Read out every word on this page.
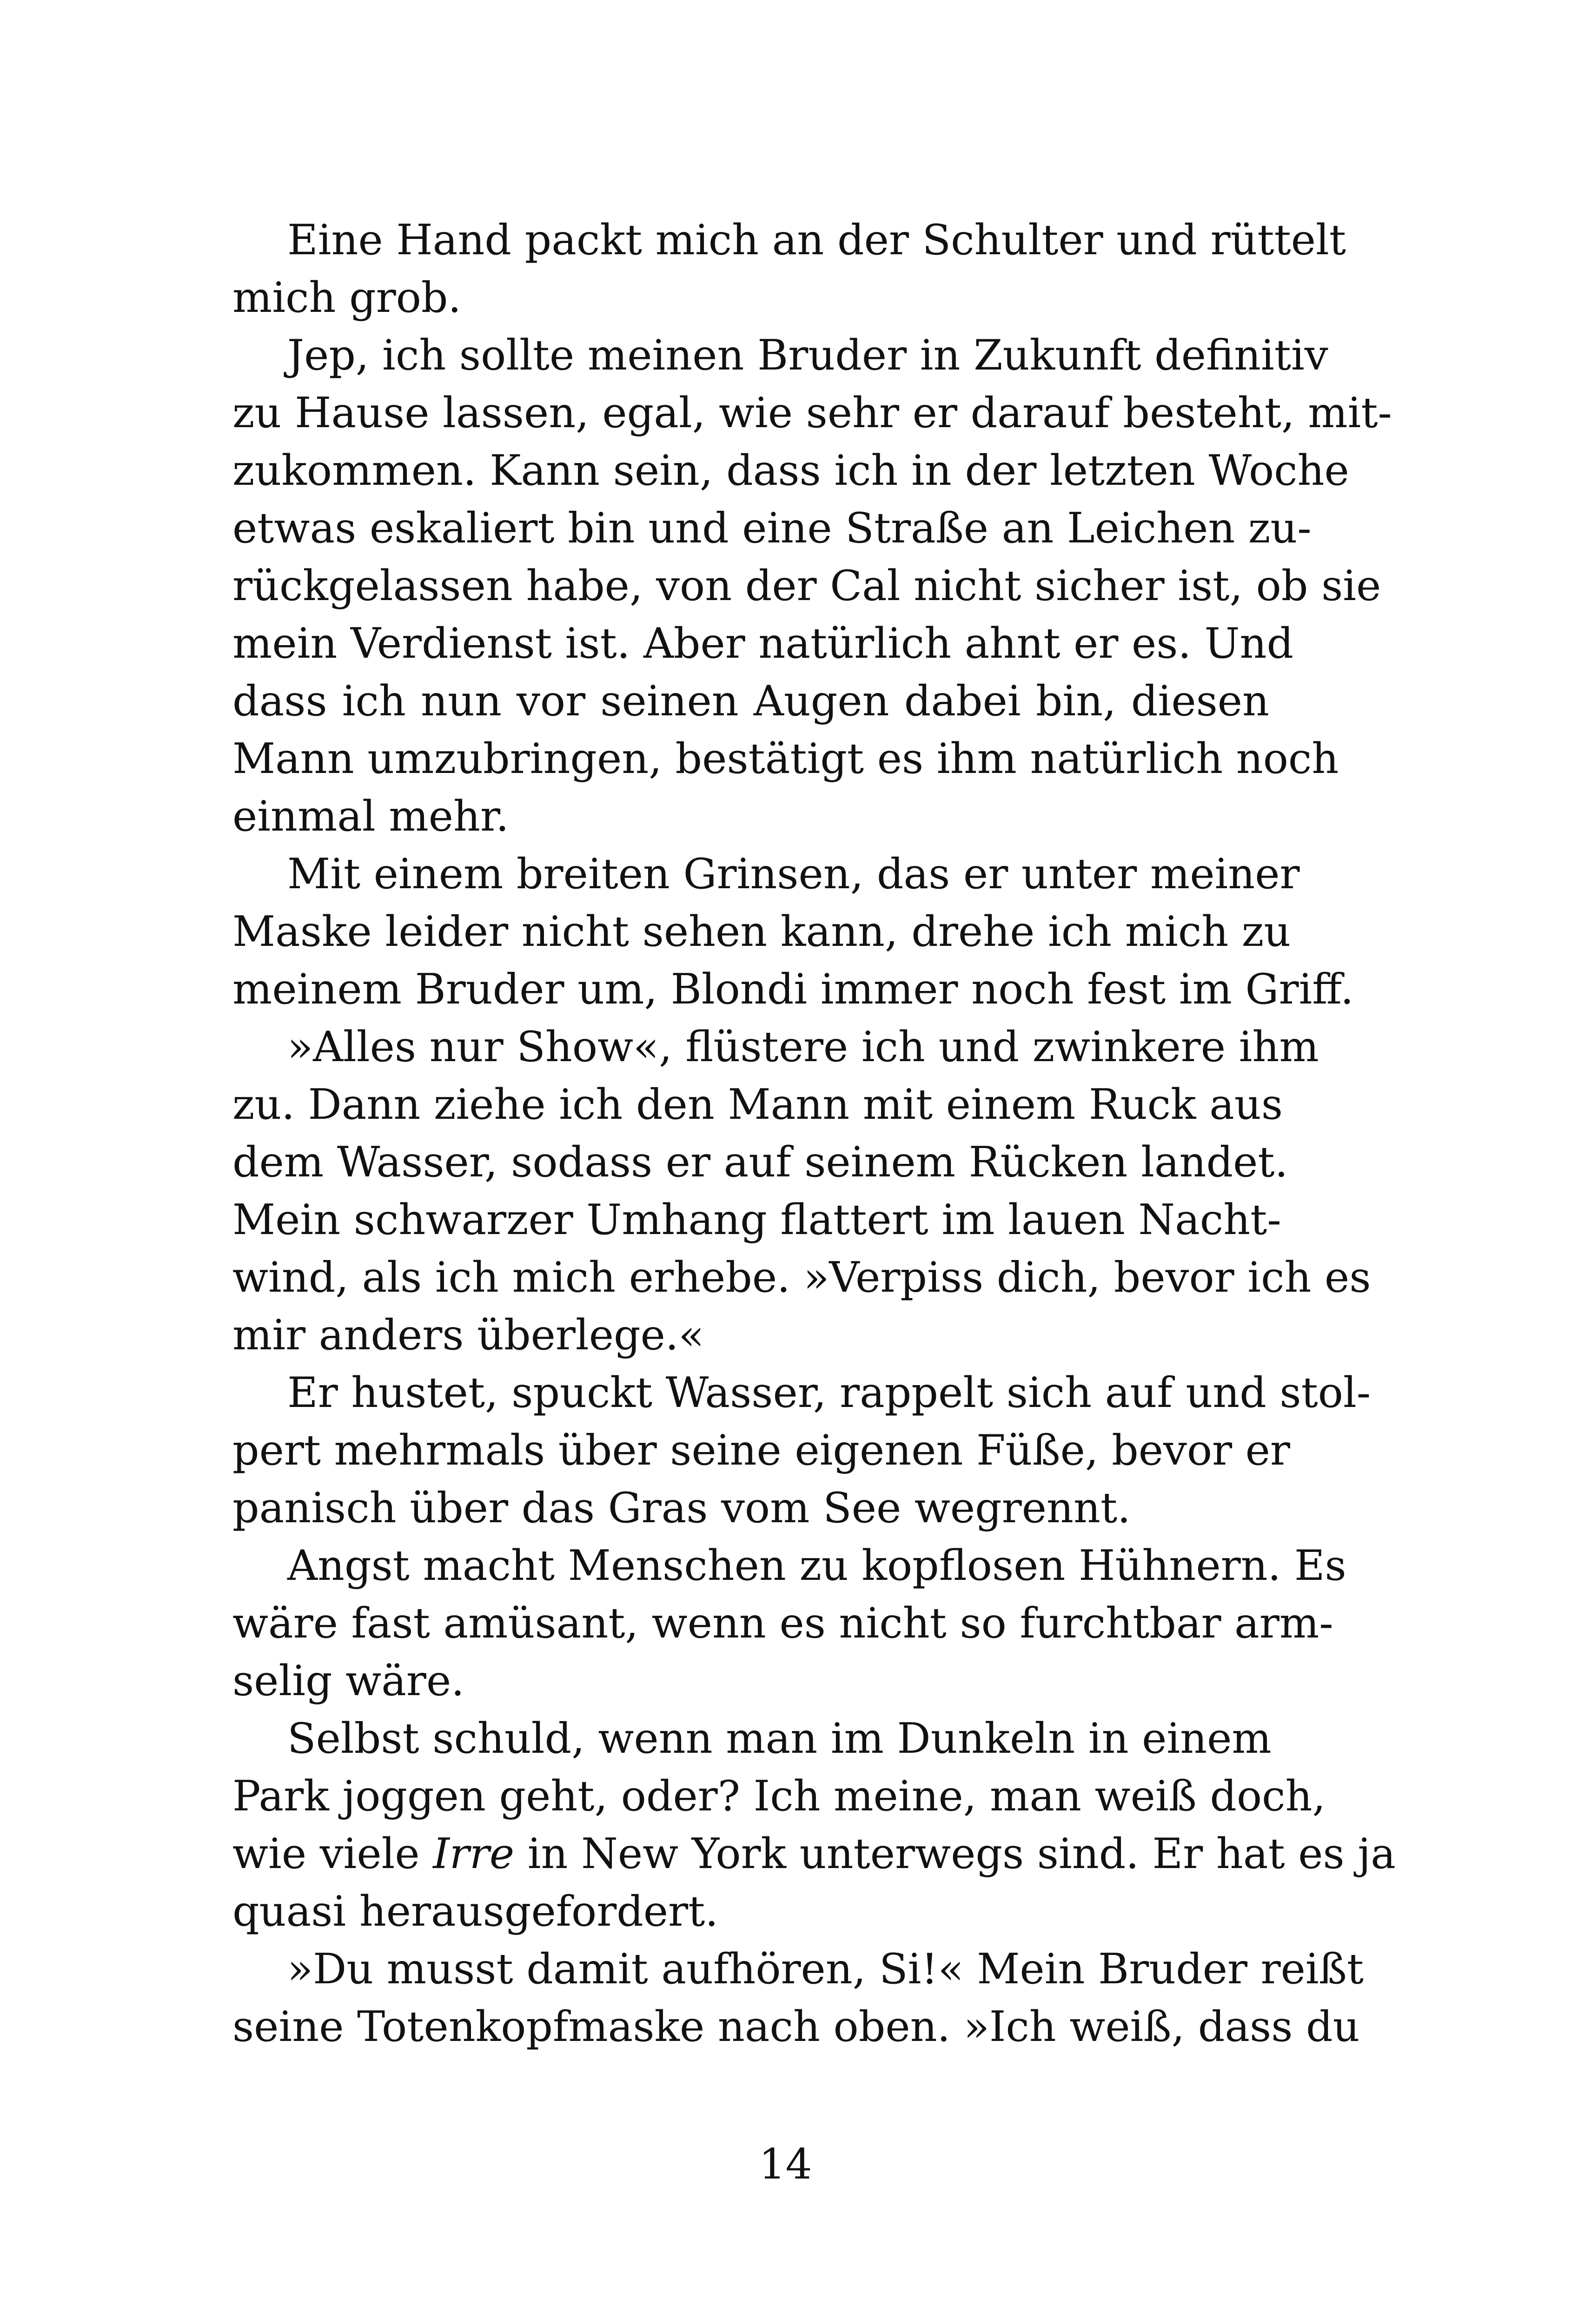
Eine Hand packt mich an der Schulter und rüttelt
mich grob.
Jep, ich sollte meinen Bruder in Zukunft definitiv
zu Hause lassen, egal, wie sehr er darauf besteht, mit-
zukommen. Kann sein, dass ich in der letzten Woche
etwas eskaliert bin und eine Straße an Leichen zu-
rückgelassen habe, von der Cal nicht sicher ist, ob sie
mein Verdienst ist. Aber natürlich ahnt er es. Und
dass ich nun vor seinen Augen dabei bin, diesen
Mann umzubringen, bestätigt es ihm natürlich noch
einmal mehr.
Mit einem breiten Grinsen, das er unter meiner
Maske leider nicht sehen kann, drehe ich mich zu
meinem Bruder um, Blondi immer noch fest im Griff.
»Alles nur Show«, flüstere ich und zwinkere ihm
zu. Dann ziehe ich den Mann mit einem Ruck aus
dem Wasser, sodass er auf seinem Rücken landet.
Mein schwarzer Umhang flattert im lauen Nacht-
wind, als ich mich erhebe. »Verpiss dich, bevor ich es
mir anders überlege.«
Er hustet, spuckt Wasser, rappelt sich auf und stol-
pert mehrmals über seine eigenen Füße, bevor er
panisch über das Gras vom See wegrennt.
Angst macht Menschen zu kopflosen Hühnern. Es
wäre fast amüsant, wenn es nicht so furchtbar arm-
selig wäre.
Selbst schuld, wenn man im Dunkeln in einem
Park joggen geht, oder? Ich meine, man weiß doch,
wie viele Irre in New York unterwegs sind. Er hat es ja
quasi herausgefordert.
»Du musst damit aufhören, Si!« Mein Bruder reißt
seine Totenkopfmaske nach oben. »Ich weiß, dass du
14
